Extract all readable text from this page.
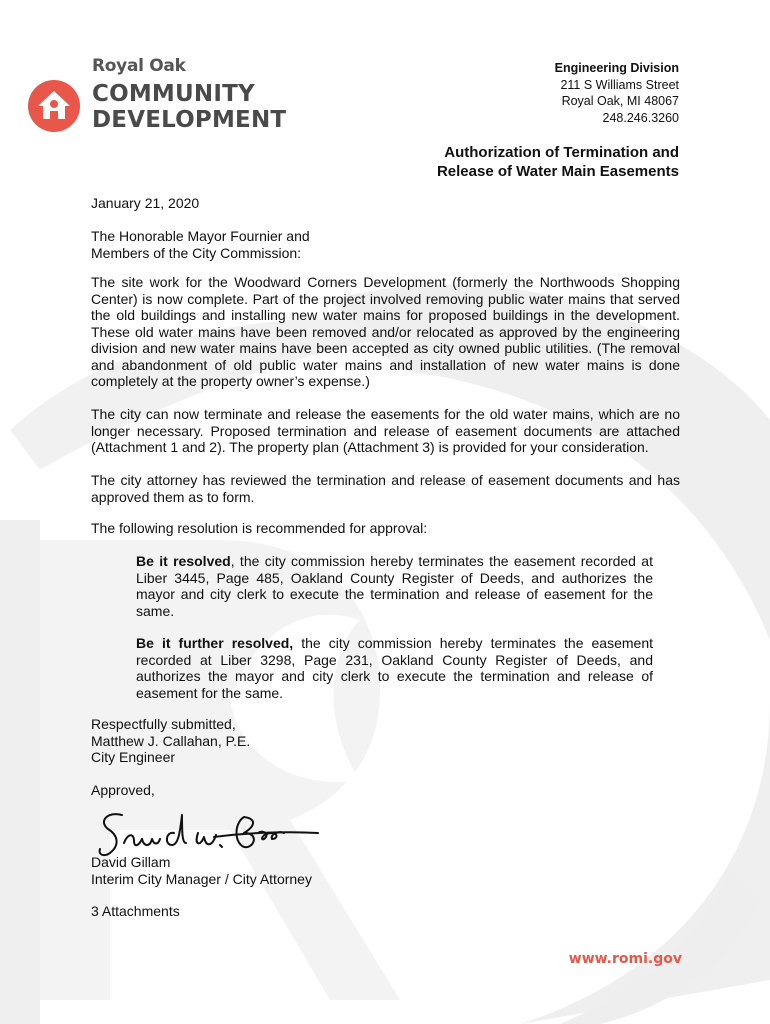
Royal Oak
COMMUNITY
DEVELOPMENT
Engineering Division
211 S Williams Street
Royal Oak, MI 48067
248.246.3260
Authorization of Termination and
Release of Water Main Easements
January 21, 2020
The Honorable Mayor Fournier and
Members of the City Commission:
The site work for the Woodward Corners Development (formerly the Northwoods Shopping Center) is now complete. Part of the project involved removing public water mains that served the old buildings and installing new water mains for proposed buildings in the development. These old water mains have been removed and/or relocated as approved by the engineering division and new water mains have been accepted as city owned public utilities. (The removal and abandonment of old public water mains and installation of new water mains is done completely at the property owner’s expense.)
The city can now terminate and release the easements for the old water mains, which are no longer necessary. Proposed termination and release of easement documents are attached (Attachment 1 and 2). The property plan (Attachment 3) is provided for your consideration.
The city attorney has reviewed the termination and release of easement documents and has approved them as to form.
The following resolution is recommended for approval:
Be it resolved, the city commission hereby terminates the easement recorded at Liber 3445, Page 485, Oakland County Register of Deeds, and authorizes the mayor and city clerk to execute the termination and release of easement for the same.
Be it further resolved, the city commission hereby terminates the easement recorded at Liber 3298, Page 231, Oakland County Register of Deeds, and authorizes the mayor and city clerk to execute the termination and release of easement for the same.
Respectfully submitted,
Matthew J. Callahan, P.E.
City Engineer
Approved,
David Gillam
Interim City Manager / City Attorney
3 Attachments
www.romi.gov
